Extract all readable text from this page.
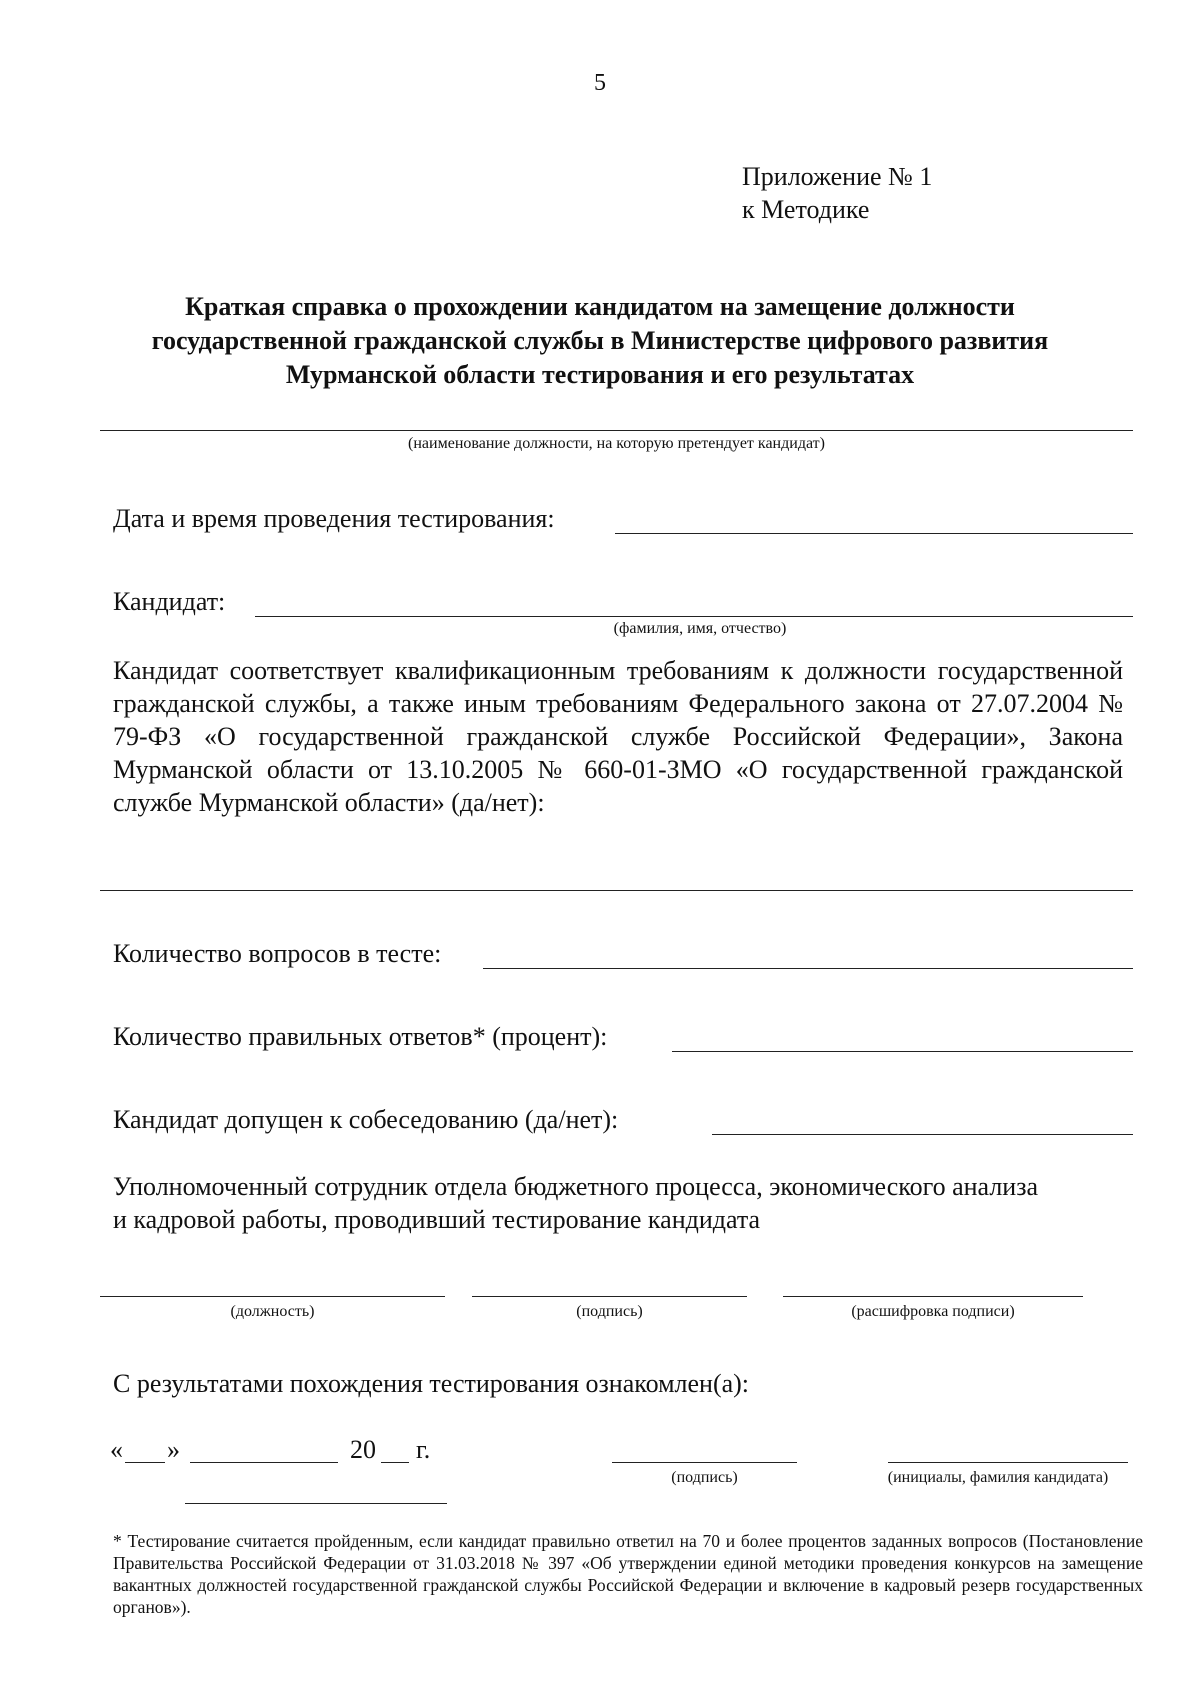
5
Приложение № 1
к Методике
Краткая справка о прохождении кандидатом на замещение должности
государственной гражданской службы в Министерстве цифрового развития
Мурманской области тестирования и его результатах
(наименование должности, на которую претендует кандидат)
Дата и время проведения тестирования:
Кандидат:
(фамилия, имя, отчество)
Кандидат соответствует квалификационным требованиям к должности государственной гражданской службы, а также иным требованиям Федерального закона от 27.07.2004 № 79-ФЗ «О государственной гражданской службе Российской Федерации», Закона Мурманской области от 13.10.2005 № 660-01-ЗМО «О государственной гражданской службе Мурманской области» (да/нет):
Количество вопросов в тесте:
Количество правильных ответов* (процент):
Кандидат допущен к собеседованию (да/нет):
Уполномоченный сотрудник отдела бюджетного процесса, экономического анализа
и кадровой работы, проводивший тестирование кандидата
(должность)	(подпись)	(расшифровка подписи)
С результатами похождения тестирования ознакомлен(а):
« »	20 г.
(подпись)	(инициалы, фамилия кандидата)
* Тестирование считается пройденным, если кандидат правильно ответил на 70 и более процентов заданных вопросов (Постановление Правительства Российской Федерации от 31.03.2018 № 397 «Об утверждении единой методики проведения конкурсов на замещение вакантных должностей государственной гражданской службы Российской Федерации и включение в кадровый резерв государственных органов»).
